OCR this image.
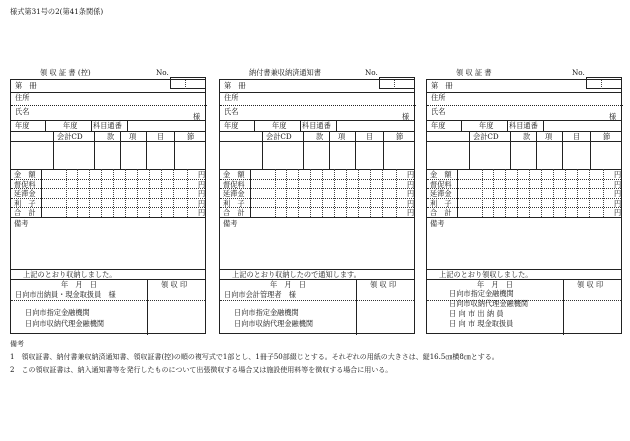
様式第31号の2(第41条関係)
領 収 証 書 (控)	No.
第　冊
住所
氏名
様
年度	年度 科目通番
会計CD	款 項	目	節
金　額	円
督促料	円
延滞金	円
利　子	円
合　計	円
備考
上記のとおり収納しました。
年　月　日	領 収 印
日向市出納員・現金取扱員　様
日向市指定金融機関
日向市収納代理金融機関
納付書兼収納済通知書	No.
第　冊
住所
氏名
様
年度	年度 科目通番
会計CD	款 項	目	節
金　額	円
督促料	円
延滞金	円
利　子	円
合　計	円
備考
上記のとおり収納したので通知します。
年　月　日	領 収 印
日向市会計管理者　様
日向市指定金融機関
日向市収納代理金融機関
領 収 証 書	No.
第　冊
住所
氏名
様
年度	年度 科目通番
会計CD	款 項	目	節
金　額	円
督促料	円
延滞金	円
利　子	円
合　計	円
備考
上記のとおり領収しました。
年　月　日	領 収 印
日向市指定金融機関
日向市収納代理金融機関
日 向 市 出 納 員
日 向 市 現金取扱員
備考
1　領収証書、納付書兼収納済通知書、領収証書(控)の順の複写式で1部とし、1冊子50部綴じとする。それぞれの用紙の大きさは、縦16.5㎝横8㎝とする。
2　この領収証書は、納入通知書等を発行したものについて出張徴収する場合又は施設使用料等を徴収する場合に用いる。
